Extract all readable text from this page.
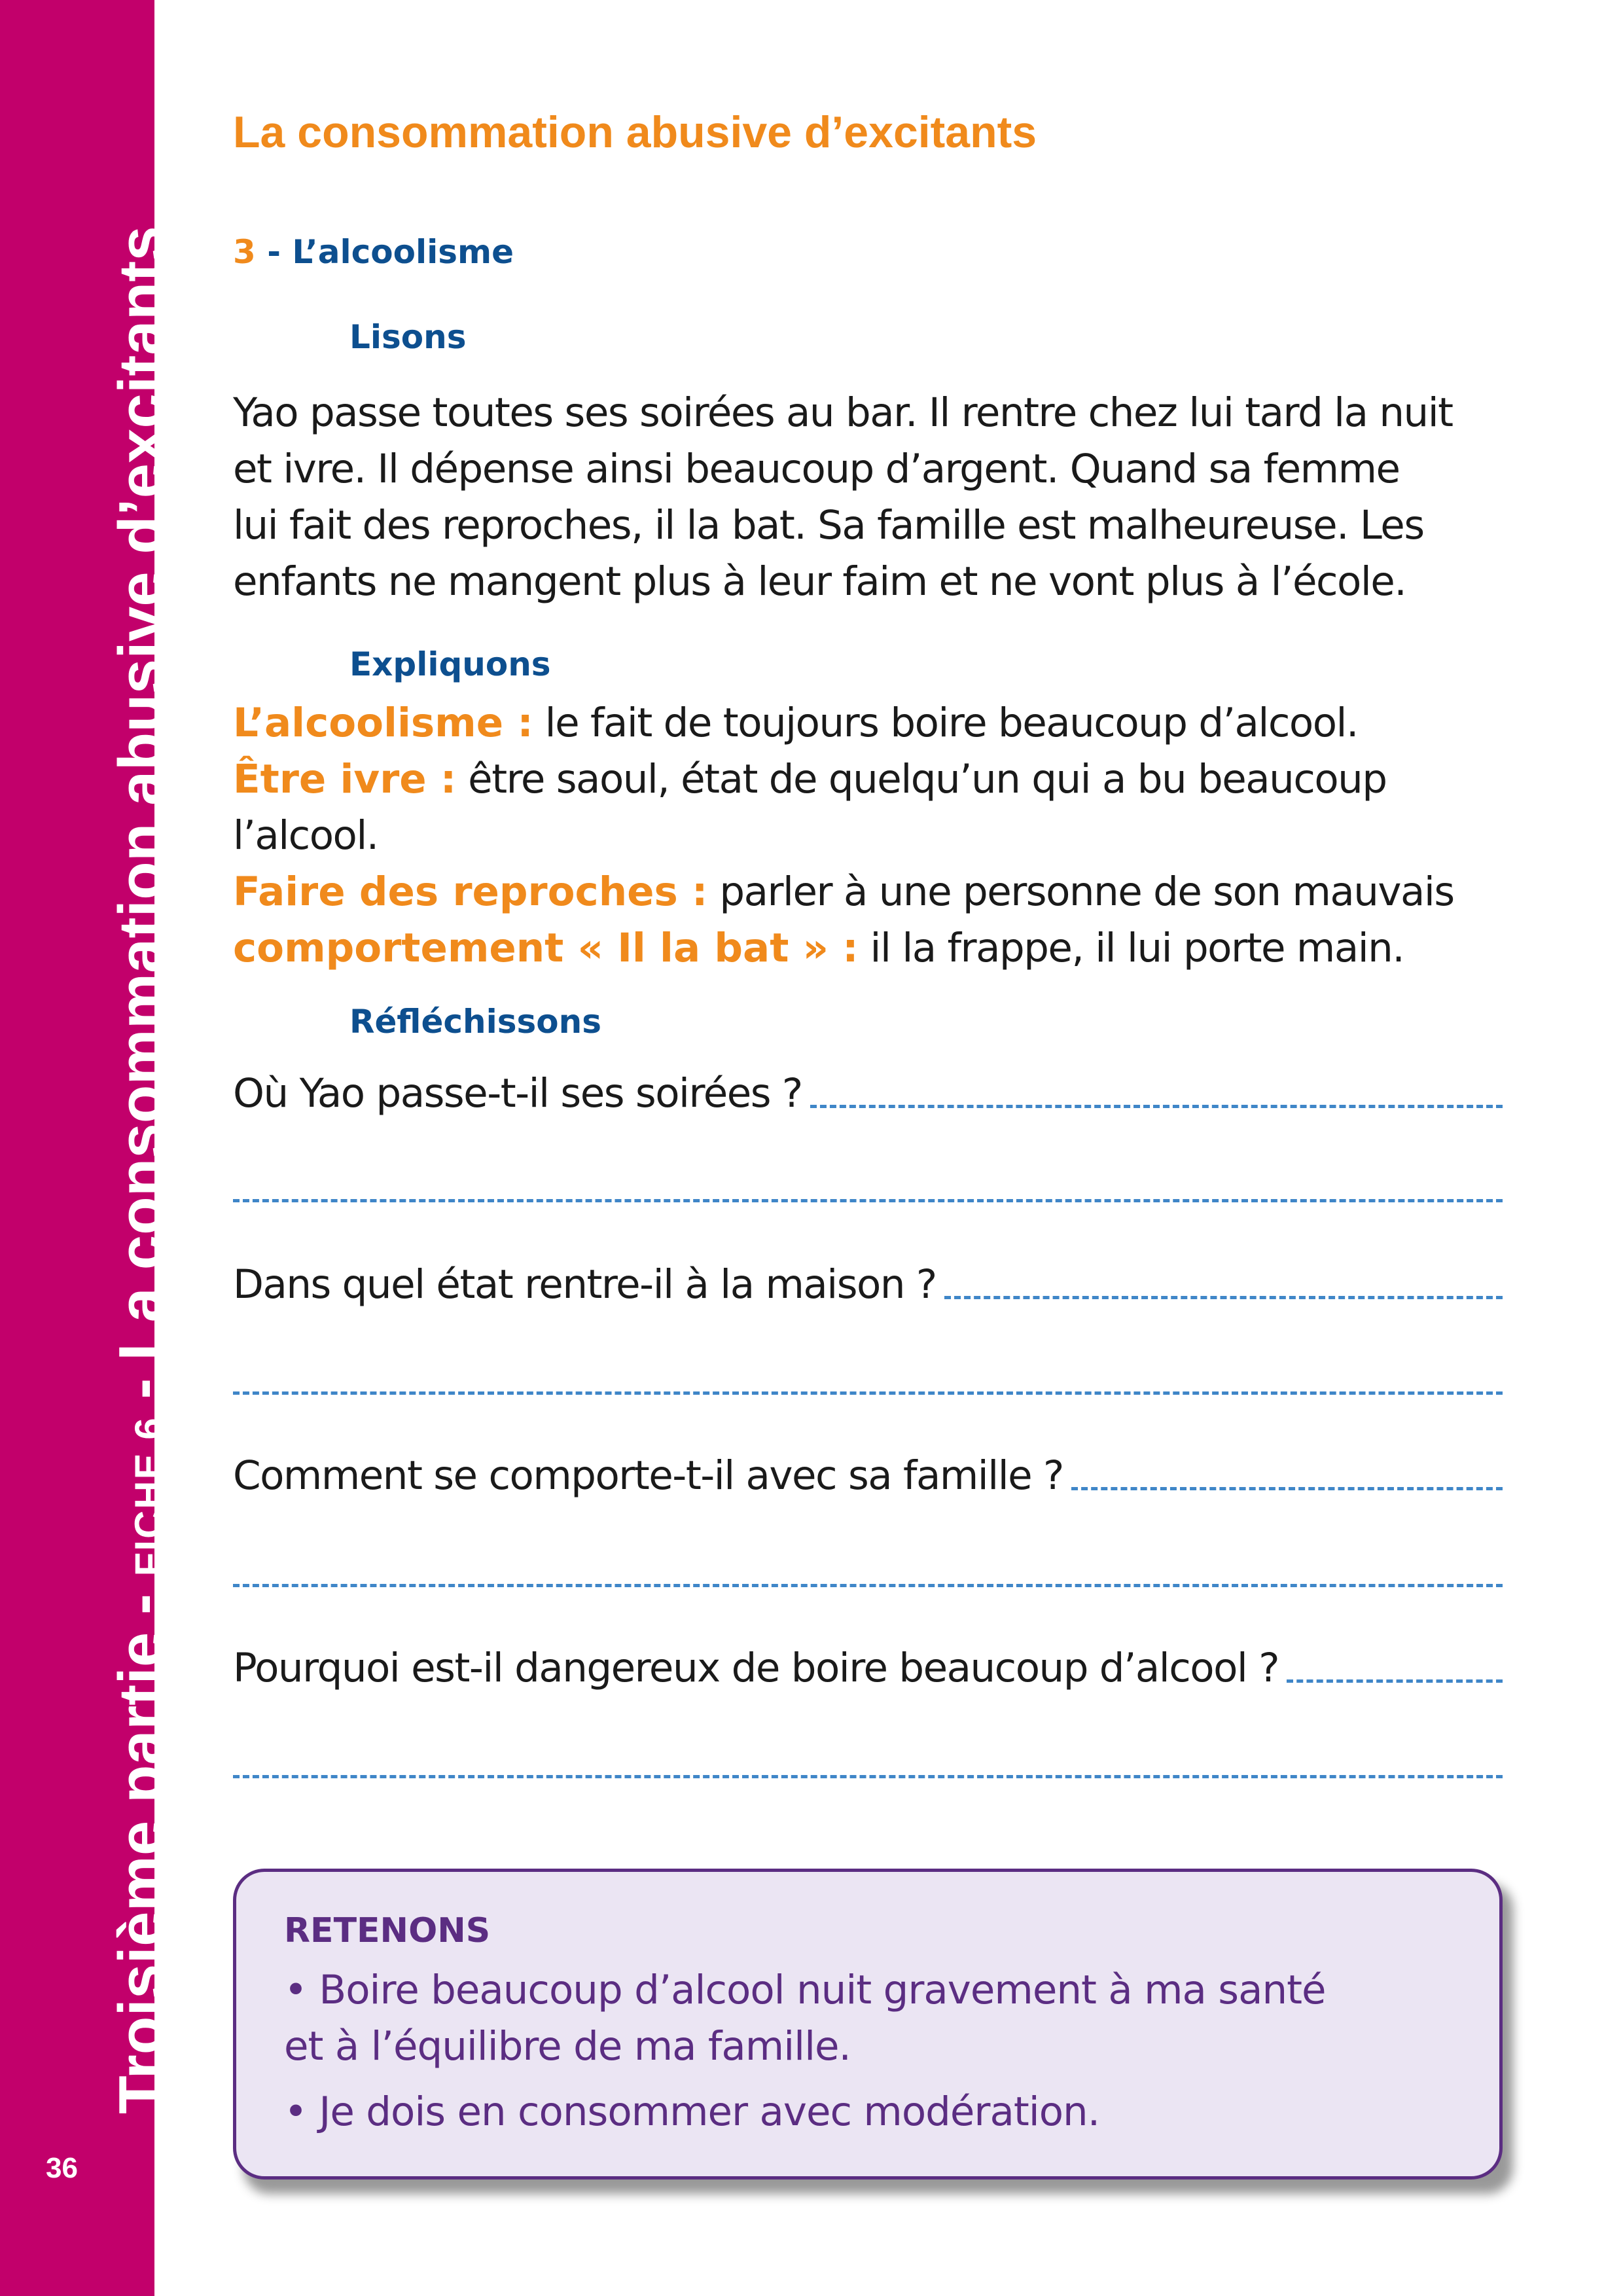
Troisième partie - FICHE 6 - La consommation abusive d’excitants
36
La consommation abusive d’excitants
3 - L’alcoolisme
Lisons

Yao passe toutes ses soirées au bar. Il rentre chez lui tard la nuit

et ivre. Il dépense ainsi beaucoup d’argent. Quand sa femme

lui fait des reproches, il la bat. Sa famille est malheureuse. Les

enfants ne mangent plus à leur faim et ne vont plus à l’école.

Expliquons

L’alcoolisme : le fait de toujours boire beaucoup d’alcool.

Être ivre : être saoul, état de quelqu’un qui a bu beaucoup

l’alcool.

Faire des reproches : parler à une personne de son mauvais

comportement « Il la bat » : il la frappe, il lui porte main.

Réfléchissons
Où Yao passe-t-il ses soirées ?
Dans quel état rentre-il à la maison ?
Comment se comporte-t-il avec sa famille ?
Pourquoi est-il dangereux de boire beaucoup d’alcool ?
RETENONS
• Boire beaucoup d’alcool nuit gravement à ma santé
et à l’équilibre de ma famille.
• Je dois en consommer avec modération.
